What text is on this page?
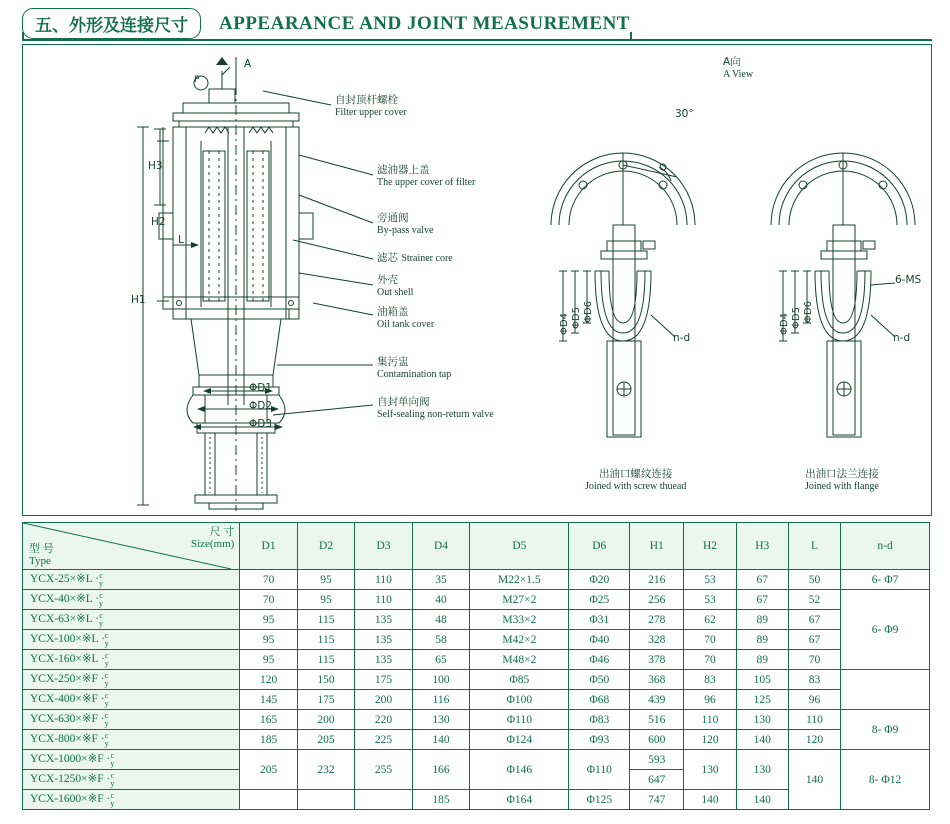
五、外形及连接尺寸 APPEARANCE AND JOINT MEASUREMENT
自封顶杆螺栓
Filter upper cover
滤油器上盖
The upper cover of filter
旁通阀
By-pass valve
滤芯 Strainer core
外壳
Out shell
油箱盖
Oil tank cover
集污盅
Contamination tap
自封单向阀
Self-sealing non-return valve
A向
A View
出油口螺纹连接
Joined with screw thuead
出油口法兰连接
Joined with flange
H1
H2
H3
L
A
P
ΦD1
ΦD2
ΦD3
ΦD4 ΦD5 ΦD6
n-d
30°
ΦD4 ΦD5 ΦD6
n-d
6-MS
尺 寸
Size(mm)
型 号
Type	D1	D2	D3	D4	D5	D6	H1	H2	H3	L	n-d
YCX-25×※L ·c
y	70	95	110	35	M22×1.5	Φ20	216	53	67	50	6- Φ7
YCX-40×※L ·c
y	70	95	110	40	M27×2	Φ25	256	53	67	52	6- Φ9
YCX-63×※L ·c
y	95	115	135	48	M33×2	Φ31	278	62	89	67	
YCX-100×※L ·c
y	95	115	135	58	M42×2	Φ40	328	70	89	67	
YCX-160×※L ·c
y	95	115	135	65	M48×2	Φ46	378	70	89	70	
YCX-250×※F ·c
y	120	150	175	100	Φ85	Φ50	368	83	105	83	
YCX-400×※F ·c
y	145	175	200	116	Φ100	Φ68	439	96	125	96	
YCX-630×※F ·c
y	165	200	220	130	Φ110	Φ83	516	110	130	110	8- Φ9
YCX-800×※F ·c
y	185	205	225	140	Φ124	Φ93	600	120	140	120	
YCX-1000×※F ·c
y	205	232	255	166	Φ146	Φ110	593	130	130	140	8- Φ12
YCX-1250×※F ·c
y							647				
YCX-1600×※F ·c
y				185	Φ164	Φ125	747	140	140		
